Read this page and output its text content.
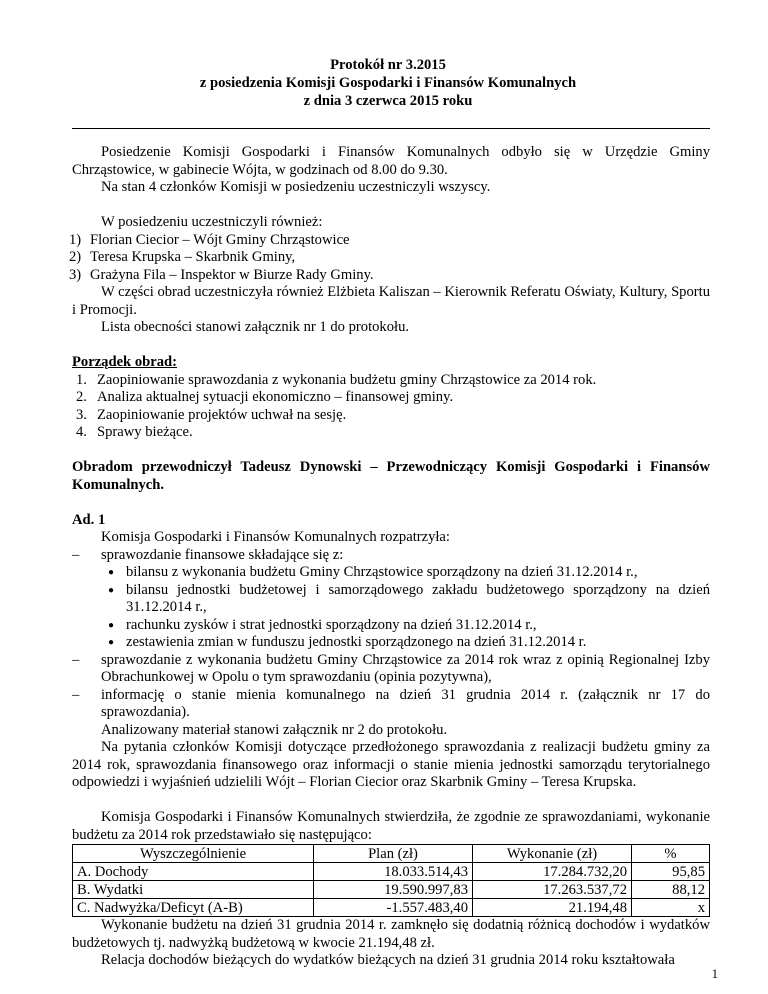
Protokół nr 3.2015
z posiedzenia Komisji Gospodarki i Finansów Komunalnych
z dnia 3 czerwca 2015 roku

Posiedzenie Komisji Gospodarki i Finansów Komunalnych odbyło się w Urzędzie Gminy Chrząstowice, w gabinecie Wójta, w godzinach od 8.00 do 9.30.

Na stan 4 członków Komisji w posiedzeniu uczestniczyli wszyscy.

W posiedzeniu uczestniczyli również:

1) Florian Ciecior – Wójt Gminy Chrząstowice
2) Teresa Krupska – Skarbnik Gminy,
3) Grażyna Fila – Inspektor w Biurze Rady Gminy.

W części obrad uczestniczyła również Elżbieta Kaliszan – Kierownik Referatu Oświaty, Kultury, Sportu i Promocji.

Lista obecności stanowi załącznik nr 1 do protokołu.

Porządek obrad:

1. Zaopiniowanie sprawozdania z wykonania budżetu gminy Chrząstowice za 2014 rok.
2. Analiza aktualnej sytuacji ekonomiczno – finansowej gminy.
3. Zaopiniowanie projektów uchwał na sesję.
4. Sprawy bieżące.

Obradom przewodniczył Tadeusz Dynowski – Przewodniczący Komisji Gospodarki i Finansów Komunalnych.

Ad. 1

Komisja Gospodarki i Finansów Komunalnych rozpatrzyła:

– sprawozdanie finansowe składające się z:
● bilansu z wykonania budżetu Gminy Chrząstowice sporządzony na dzień 31.12.2014 r.,
● bilansu jednostki budżetowej i samorządowego zakładu budżetowego sporządzony na dzień 31.12.2014 r.,
● rachunku zysków i strat jednostki sporządzony na dzień 31.12.2014 r.,
● zestawienia zmian w funduszu jednostki sporządzonego na dzień 31.12.2014 r.
– sprawozdanie z wykonania budżetu Gminy Chrząstowice za 2014 rok wraz z opinią Regionalnej Izby Obrachunkowej w Opolu o tym sprawozdaniu (opinia pozytywna),
– informację o stanie mienia komunalnego na dzień 31 grudnia 2014 r. (załącznik nr 17 do sprawozdania).

Analizowany materiał stanowi załącznik nr 2 do protokołu.

Na pytania członków Komisji dotyczące przedłożonego sprawozdania z realizacji budżetu gminy za 2014 rok, sprawozdania finansowego oraz informacji o stanie mienia jednostki samorządu terytorialnego odpowiedzi i wyjaśnień udzielili Wójt – Florian Ciecior oraz Skarbnik Gminy – Teresa Krupska.

Komisja Gospodarki i Finansów Komunalnych stwierdziła, że zgodnie ze sprawozdaniami, wykonanie budżetu za 2014 rok przedstawiało się następująco:

Wyszczególnienie	Plan (zł)	Wykonanie (zł)	%
A. Dochody	18.033.514,43	17.284.732,20	95,85
B. Wydatki	19.590.997,83	17.263.537,72	88,12
C. Nadwyżka/Deficyt (A-B)	-1.557.483,40	21.194,48	x

Wykonanie budżetu na dzień 31 grudnia 2014 r. zamknęło się dodatnią różnicą dochodów i wydatków budżetowych tj. nadwyżką budżetową w kwocie 21.194,48 zł.

Relacja dochodów bieżących do wydatków bieżących na dzień 31 grudnia 2014 roku kształtowała

1
